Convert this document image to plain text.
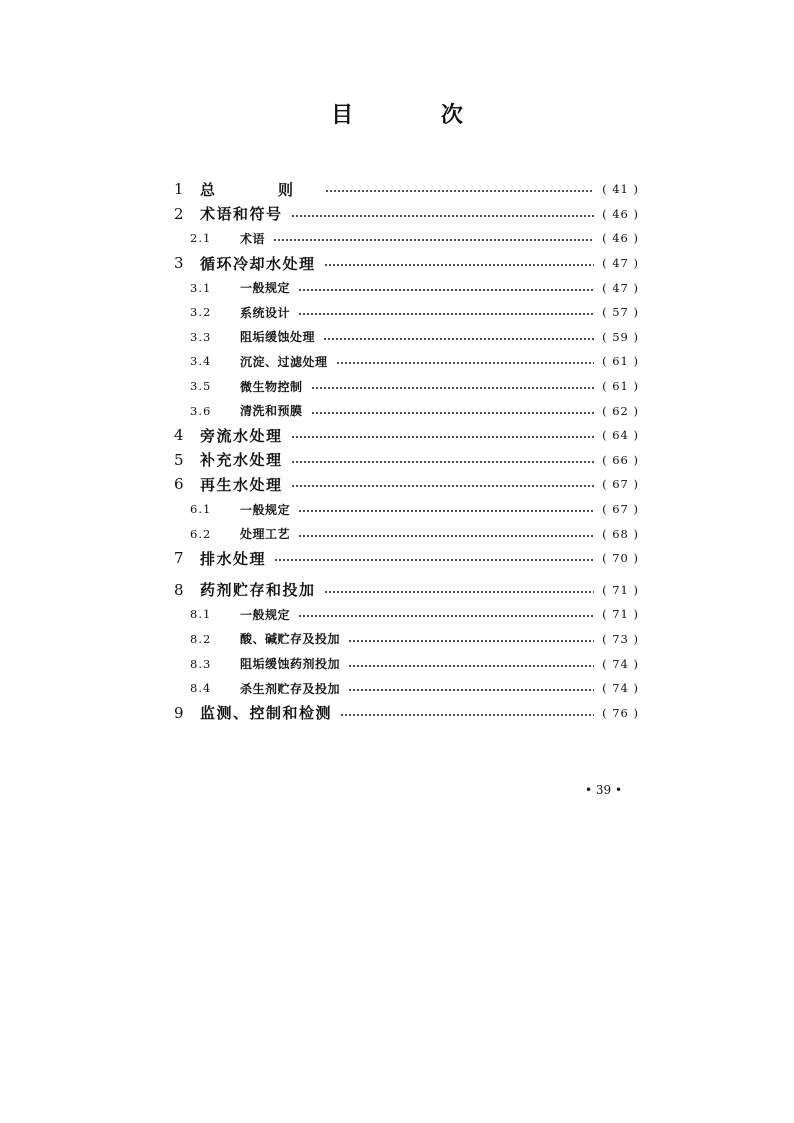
目 次
1	总　则	( 41 )
2	术语和符号	( 46 )
2.1	术语	( 46 )
3	循环冷却水处理	( 47 )
3.1	一般规定	( 47 )
3.2	系统设计	( 57 )
3.3	阻垢缓蚀处理	( 59 )
3.4	沉淀、过滤处理	( 61 )
3.5	微生物控制	( 61 )
3.6	清洗和预膜	( 62 )
4	旁流水处理	( 64 )
5	补充水处理	( 66 )
6	再生水处理	( 67 )
6.1	一般规定	( 67 )
6.2	处理工艺	( 68 )
7	排水处理	( 70 )
8	药剂贮存和投加	( 71 )
8.1	一般规定	( 71 )
8.2	酸、碱贮存及投加	( 73 )
8.3	阻垢缓蚀药剂投加	( 74 )
8.4	杀生剂贮存及投加	( 74 )
9	监测、控制和检测	( 76 )
• 39 •
